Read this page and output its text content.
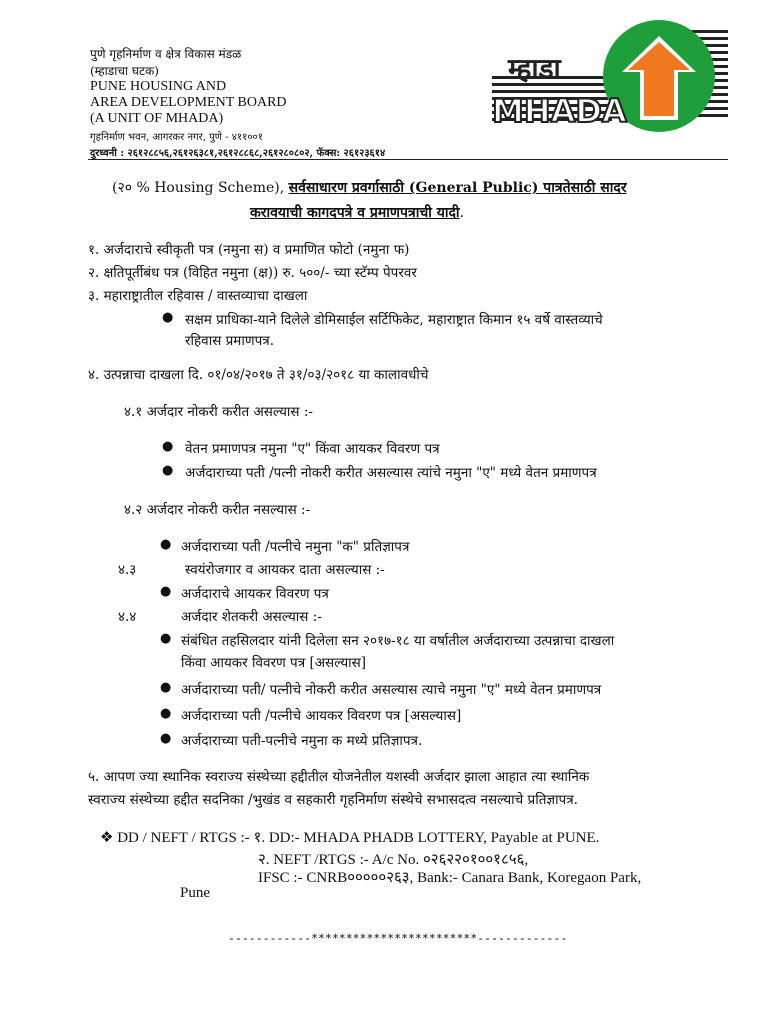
पुणे गृहनिर्माण व क्षेत्र विकास मंडळ
(म्हाडाचा घटक)
PUNE HOUSING AND
AREA DEVELOPMENT BOARD
(A UNIT OF MHADA)
गृहनिर्माण भवन, आगरकर नगर, पुणे - ४११००१
दुरध्वनी : २६१२८८५६,२६१२६३८१,२६१२८८६८,२६१२८०८०२, फॅक्स: २६१२३६१४
म्हाडा
MHADA
(२० % Housing Scheme), सर्वसाधारण प्रवर्गासाठी (General Public) पात्रतेसाठी सादर
करावयाची कागदपत्रे व प्रमाणपत्राची यादी.
१. अर्जदाराचे स्वीकृती पत्र (नमुना स) व प्रमाणित फोटो (नमुना फ)
२. क्षतिपूर्तीबंध पत्र (विहित नमुना (क्ष)) रु. ५००/- च्या स्टॅम्प पेपरवर
३. महाराष्ट्रातील रहिवास / वास्तव्याचा दाखला
● सक्षम प्राधिका-याने दिलेले डोमिसाईल सर्टिफिकेट, महाराष्ट्रात किमान १५ वर्षे वास्तव्याचे
रहिवास प्रमाणपत्र.
४. उत्पन्नाचा दाखला दि. ०१/०४/२०१७ ते ३१/०३/२०१८ या कालावधीचे
४.१ अर्जदार नोकरी करीत असल्यास :-
● वेतन प्रमाणपत्र नमुना "ए" किंवा आयकर विवरण पत्र
● अर्जदाराच्या पती /पत्नी नोकरी करीत असल्यास त्यांचे नमुना "ए" मध्ये वेतन प्रमाणपत्र
४.२ अर्जदार नोकरी करीत नसल्यास :-
● अर्जदाराच्या पती /पत्नीचे नमुना "क" प्रतिज्ञापत्र
४.३	स्वयंरोजगार व आयकर दाता असल्यास :-
● अर्जदाराचे आयकर विवरण पत्र
४.४	अर्जदार शेतकरी असल्यास :-
● संबंधित तहसिलदार यांनी दिलेला सन २०१७-१८ या वर्षातील अर्जदाराच्या उत्पन्नाचा दाखला
किंवा आयकर विवरण पत्र [असल्यास]
● अर्जदाराच्या पती/ पत्नीचे नोकरी करीत असल्यास त्याचे नमुना "ए" मध्ये वेतन प्रमाणपत्र
● अर्जदाराच्या पती /पत्नीचे आयकर विवरण पत्र [असल्यास]
● अर्जदाराच्या पती-पत्नीचे नमुना क मध्ये प्रतिज्ञापत्र.
५. आपण ज्या स्थानिक स्वराज्य संस्थेच्या हद्दीतील योजनेतील यशस्वी अर्जदार झाला आहात त्या स्थानिक
स्वराज्य संस्थेच्या हद्दीत सदनिका /भुखंड व सहकारी गृहनिर्माण संस्थेचे सभासदत्व नसल्याचे प्रतिज्ञापत्र.
❖ DD / NEFT / RTGS :- १. DD:- MHADA PHADB LOTTERY, Payable at PUNE.
२. NEFT /RTGS :- A/c No. ०२६२२०१००१८५६,
IFSC :- CNRB०००००२६३, Bank:- Canara Bank, Koregaon Park,
Pune
------------************************-------------
